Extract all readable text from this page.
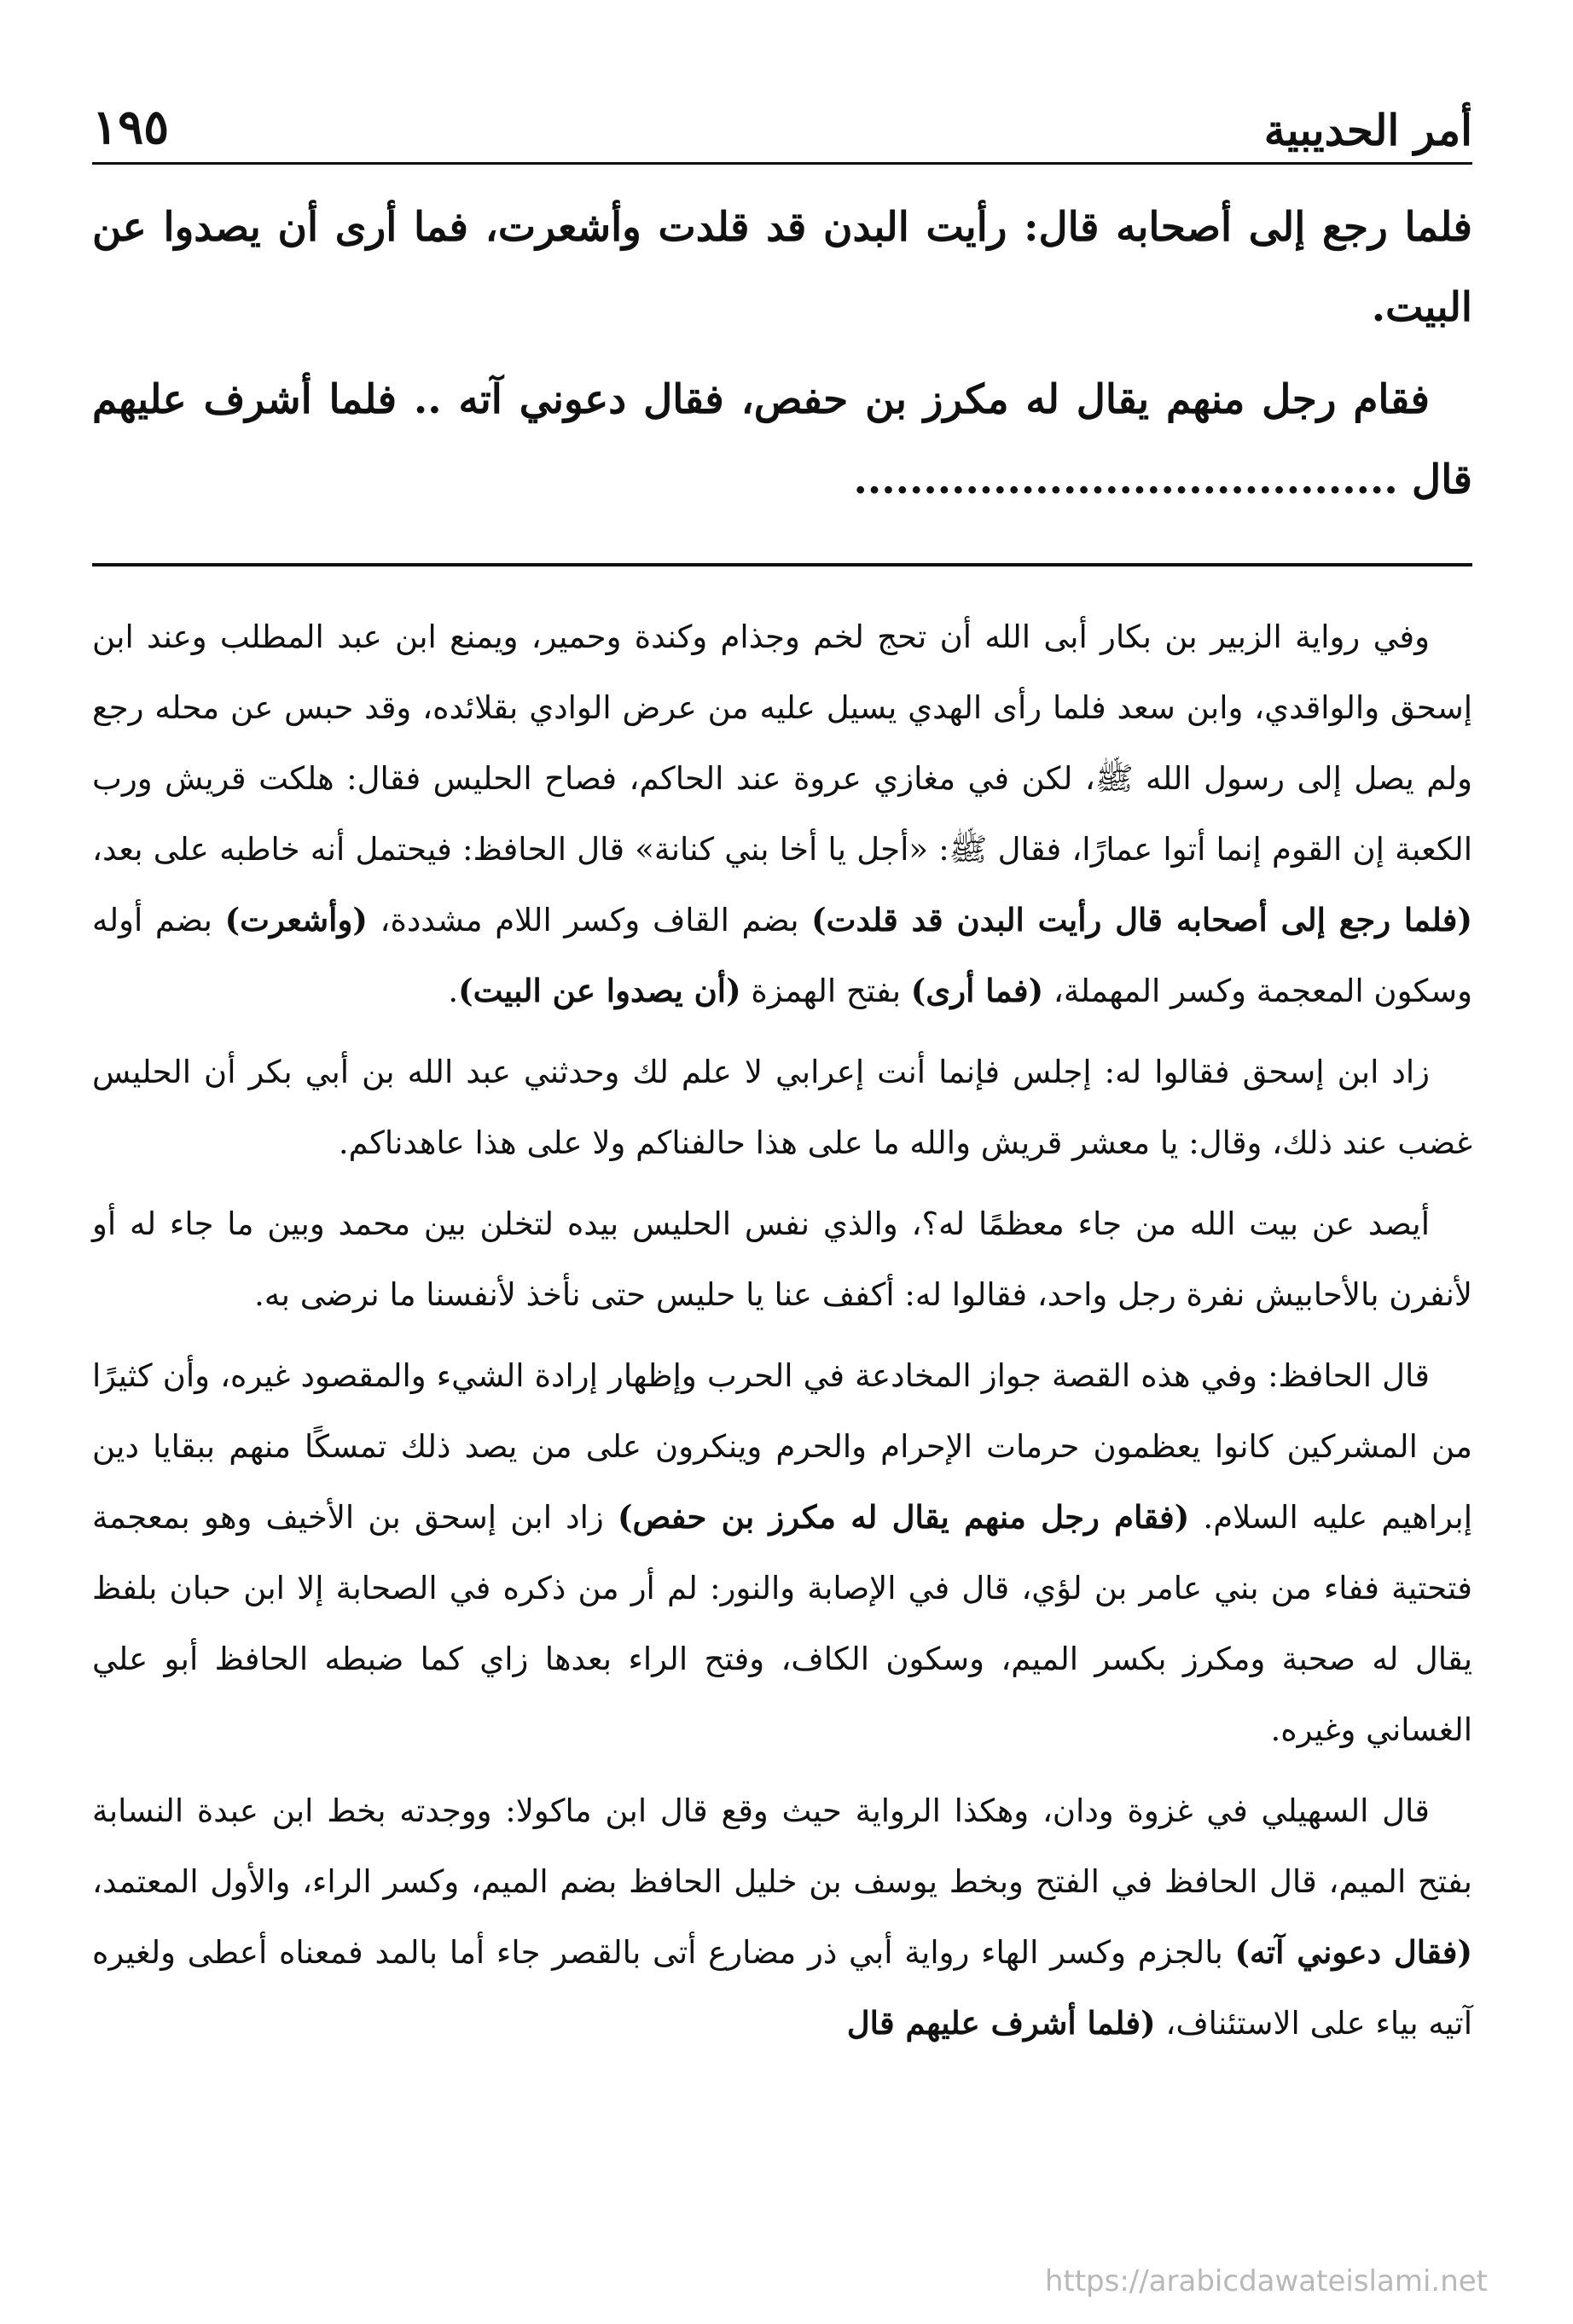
أمر الحديبية
١٩٥

فلما رجع إلى أصحابه قال: رأيت البدن قد قلدت وأشعرت، فما أرى أن يصدوا عن البيت.

فقام رجل منهم يقال له مكرز بن حفص، فقال دعوني آته .. فلما أشرف عليهم قال .......................................

وفي رواية الزبير بن بكار أبى الله أن تحج لخم وجذام وكندة وحمير، ويمنع ابن عبد المطلب وعند ابن إسحق والواقدي، وابن سعد فلما رأى الهدي يسيل عليه من عرض الوادي بقلائده، وقد حبس عن محله رجع ولم يصل إلى رسول الله ﷺ، لكن في مغازي عروة عند الحاكم، فصاح الحليس فقال: هلكت قريش ورب الكعبة إن القوم إنما أتوا عمارًا، فقال ﷺ: «أجل يا أخا بني كنانة» قال الحافظ: فيحتمل أنه خاطبه على بعد، (فلما رجع إلى أصحابه قال رأيت البدن قد قلدت) بضم القاف وكسر اللام مشددة، (وأشعرت) بضم أوله وسكون المعجمة وكسر المهملة، (فما أرى) بفتح الهمزة (أن يصدوا عن البيت).

زاد ابن إسحق فقالوا له: إجلس فإنما أنت إعرابي لا علم لك وحدثني عبد الله بن أبي بكر أن الحليس غضب عند ذلك، وقال: يا معشر قريش والله ما على هذا حالفناكم ولا على هذا عاهدناكم.

أيصد عن بيت الله من جاء معظمًا له؟، والذي نفس الحليس بيده لتخلن بين محمد وبين ما جاء له أو لأنفرن بالأحابيش نفرة رجل واحد، فقالوا له: أكفف عنا يا حليس حتى نأخذ لأنفسنا ما نرضى به.

قال الحافظ: وفي هذه القصة جواز المخادعة في الحرب وإظهار إرادة الشيء والمقصود غيره، وأن كثيرًا من المشركين كانوا يعظمون حرمات الإحرام والحرم وينكرون على من يصد ذلك تمسكًا منهم ببقايا دين إبراهيم عليه السلام. (فقام رجل منهم يقال له مكرز بن حفص) زاد ابن إسحق بن الأخيف وهو بمعجمة فتحتية ففاء من بني عامر بن لؤي، قال في الإصابة والنور: لم أر من ذكره في الصحابة إلا ابن حبان بلفظ يقال له صحبة ومكرز بكسر الميم، وسكون الكاف، وفتح الراء بعدها زاي كما ضبطه الحافظ أبو علي الغساني وغيره.

قال السهيلي في غزوة ودان، وهكذا الرواية حيث وقع قال ابن ماكولا: ووجدته بخط ابن عبدة النسابة بفتح الميم، قال الحافظ في الفتح وبخط يوسف بن خليل الحافظ بضم الميم، وكسر الراء، والأول المعتمد، (فقال دعوني آته) بالجزم وكسر الهاء رواية أبي ذر مضارع أتى بالقصر جاء أما بالمد فمعناه أعطى ولغيره آتيه بياء على الاستئناف، (فلما أشرف عليهم قال

https://arabicdawateislami.net
